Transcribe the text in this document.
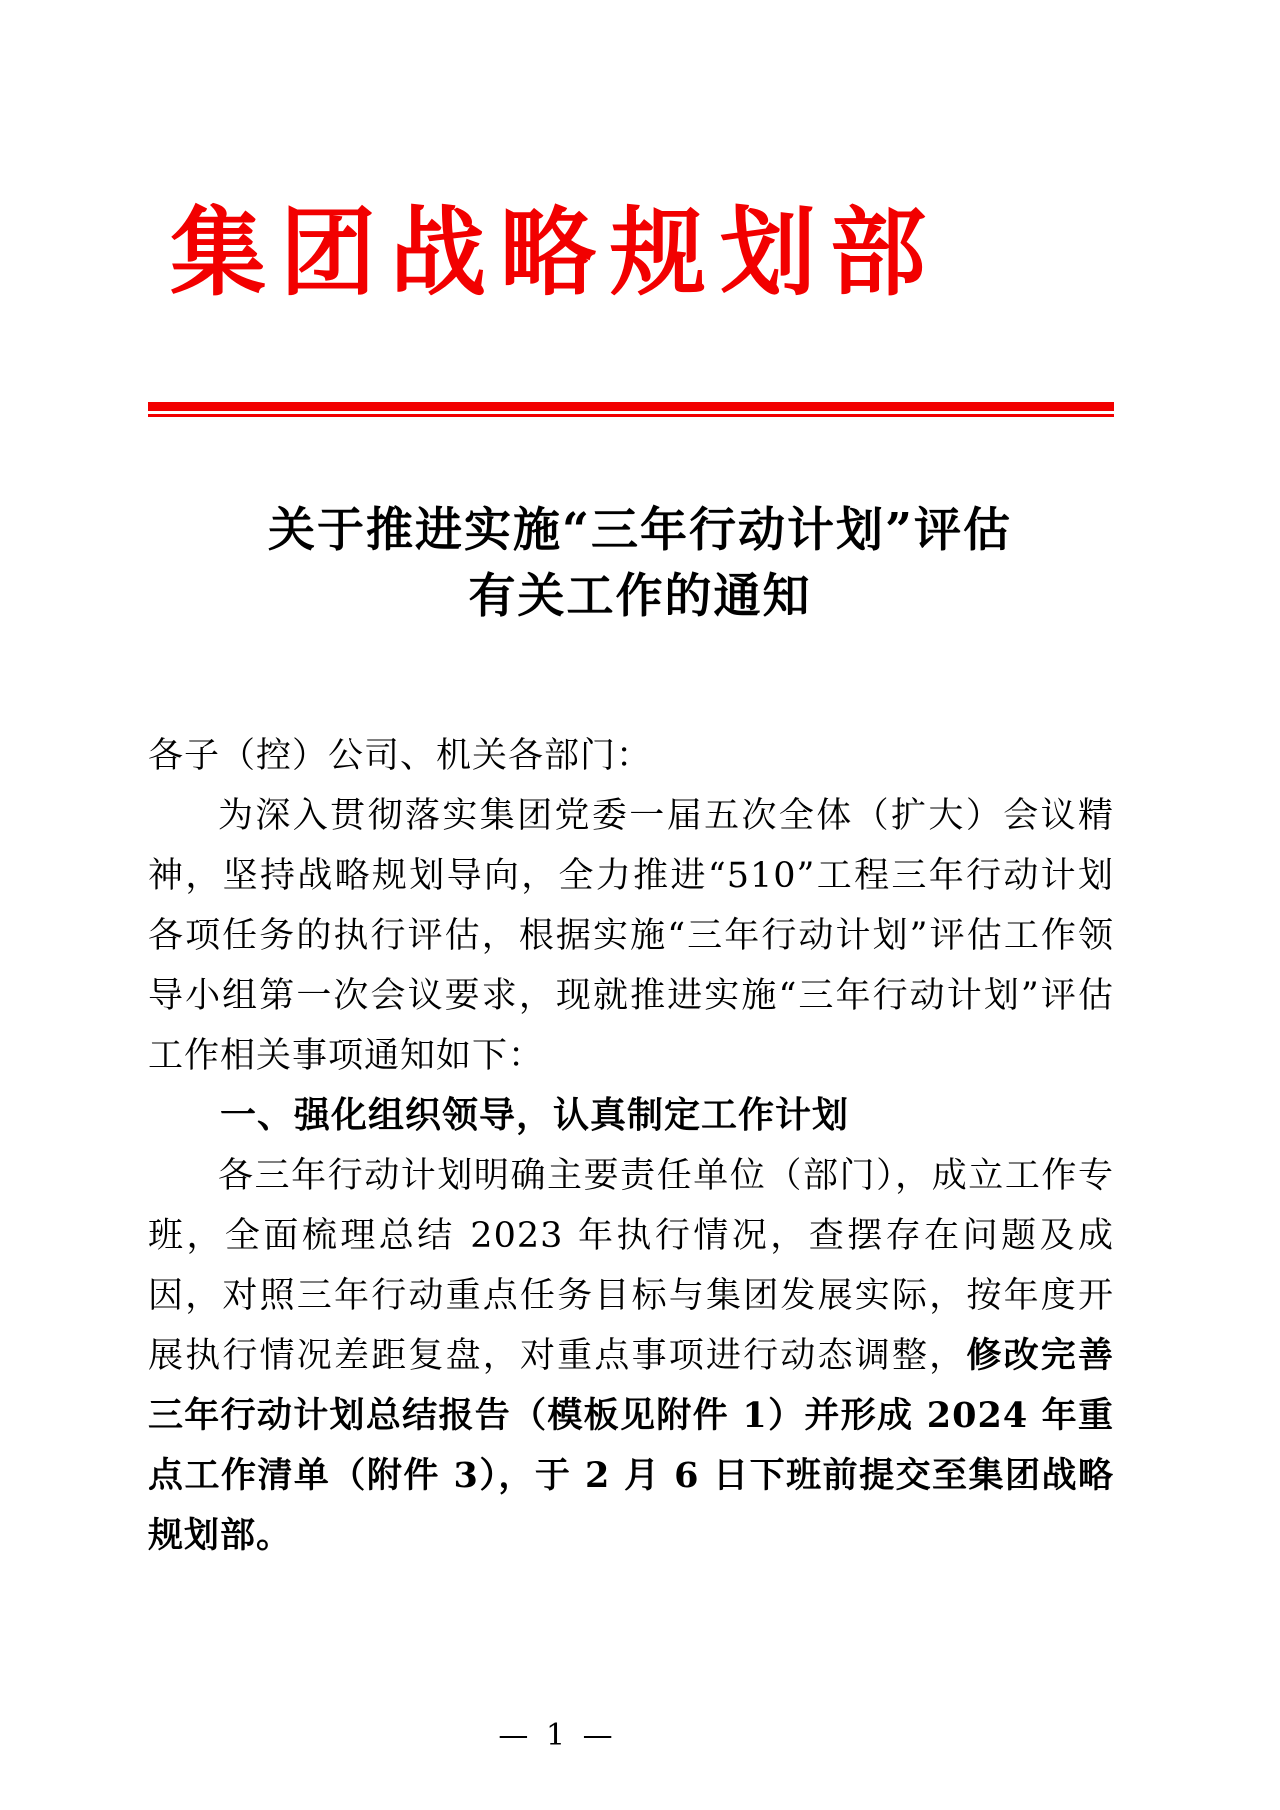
集团战略规划部
关于推进实施“三年行动计划”评估
有关工作的通知

各子（控）公司、机关各部门：

为深入贯彻落实集团党委一届五次全体（扩大）会议精神，坚持战略规划导向，全力推进“510”工程三年行动计划各项任务的执行评估，根据实施“三年行动计划”评估工作领导小组第一次会议要求，现就推进实施“三年行动计划”评估工作相关事项通知如下：

一、强化组织领导，认真制定工作计划

各三年行动计划明确主要责任单位（部门），成立工作专班，全面梳理总结 2023 年执行情况，查摆存在问题及成因，对照三年行动重点任务目标与集团发展实际，按年度开展执行情况差距复盘，对重点事项进行动态调整，修改完善三年行动计划总结报告（模板见附件 1）并形成 2024 年重点工作清单（附件 3），于 2 月 6 日下班前提交至集团战略规划部。

— 1 —
